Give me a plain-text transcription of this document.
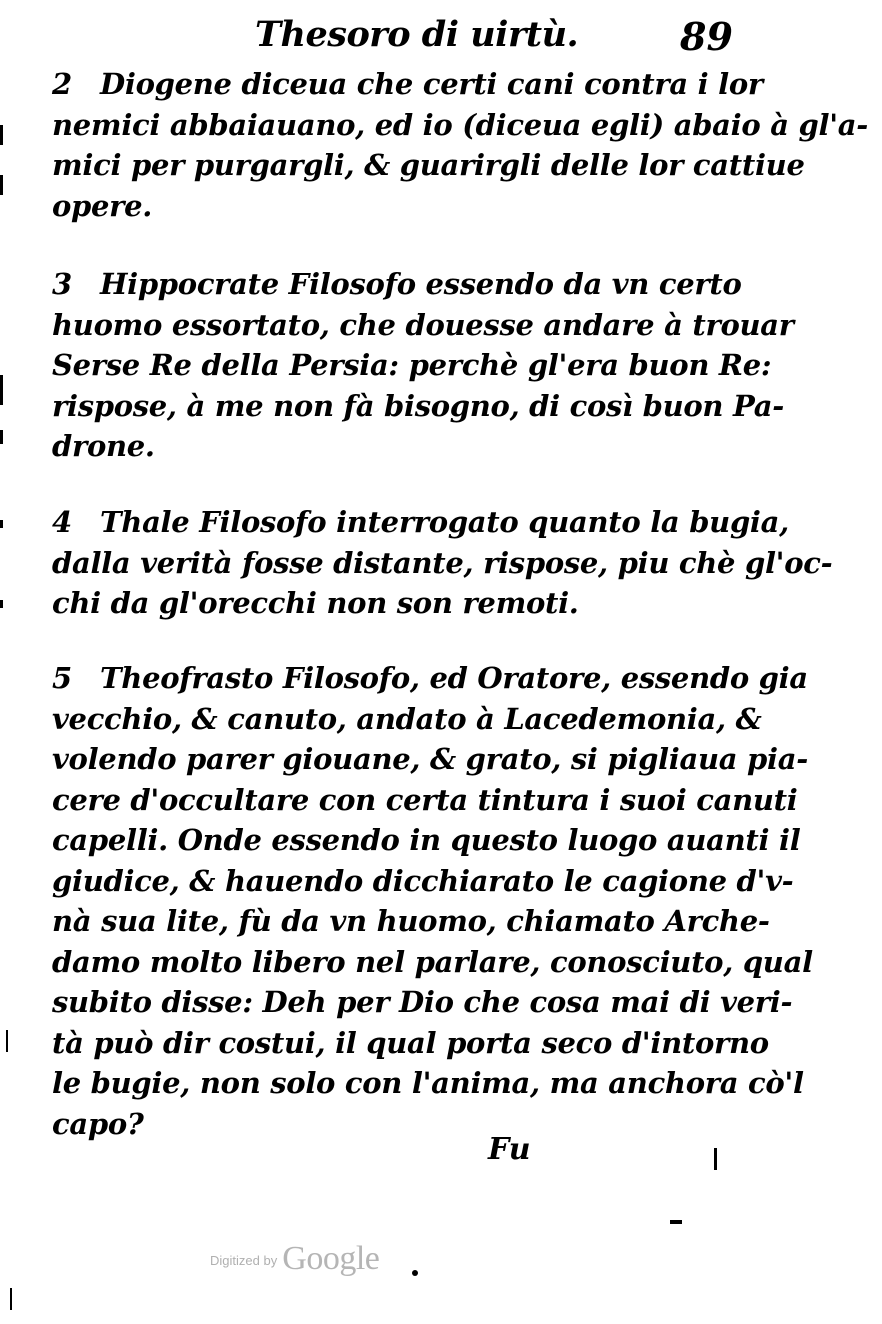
Thesoro di uirtù.	89
2 Diogene diceua che certi cani contra i lor
nemici abbaiauano, ed io (diceua egli) abaio à gl'a-
mici per purgargli, & guarirgli delle lor cattiue
opere.
3 Hippocrate Filosofo essendo da vn certo
huomo essortato, che douesse andare à trouar
Serse Re della Persia: perchè gl'era buon Re:
rispose, à me non fà bisogno, di così buon Pa-
drone.
4 Thale Filosofo interrogato quanto la bugia,
dalla verità fosse distante, rispose, piu chè gl'oc-
chi da gl'orecchi non son remoti.
5 Theofrasto Filosofo, ed Oratore, essendo gia
vecchio, & canuto, andato à Lacedemonia, &
volendo parer giouane, & grato, si pigliaua pia-
cere d'occultare con certa tintura i suoi canuti
capelli. Onde essendo in questo luogo auanti il
giudice, & hauendo dicchiarato le cagione d'v-
nà sua lite, fù da vn huomo, chiamato Arche-
damo molto libero nel parlare, conosciuto, qual
subito disse: Deh per Dio che cosa mai di veri-
tà può dir costui, il qual porta seco d'intorno
le bugie, non solo con l'anima, ma anchora cò'l
capo?
Fu
$^{Digitized by}$ Google
